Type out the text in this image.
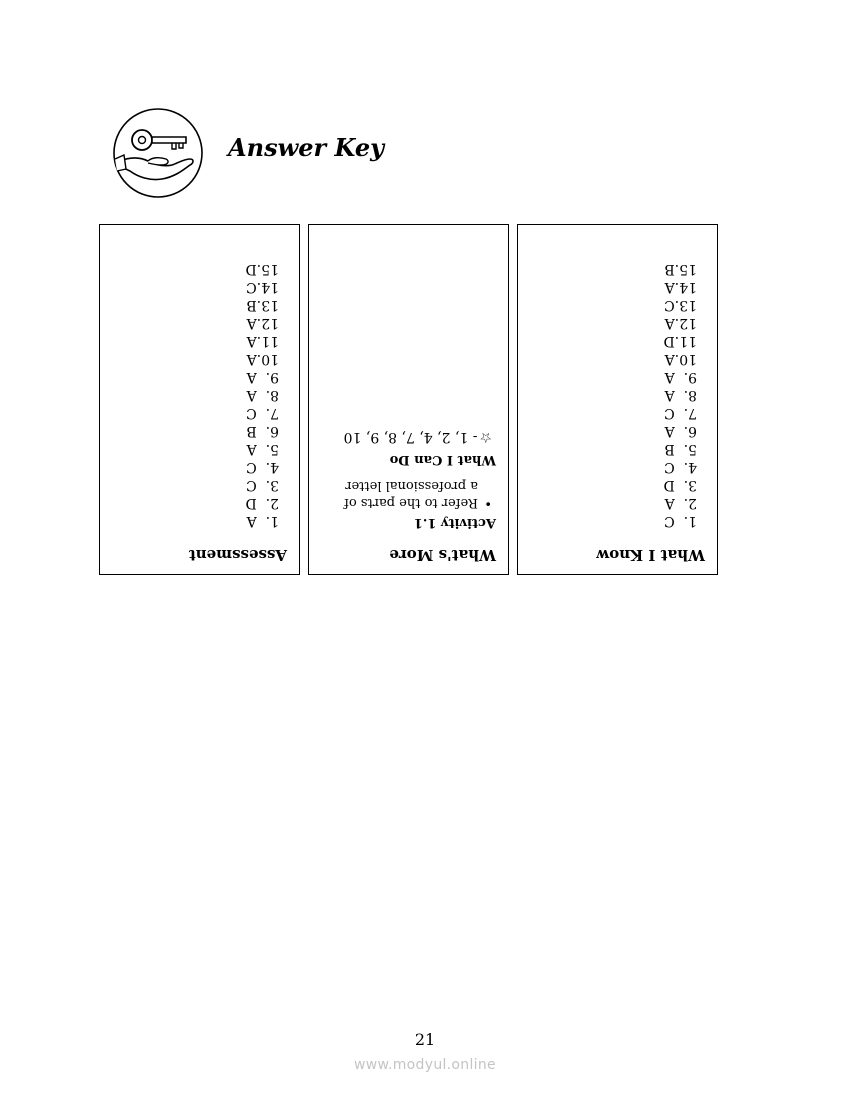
Answer Key
Assessment
1.  A
2.  D
3.  C
4.  C
5.  A
6.  B
7.  C
8.  A
9.  A
10.A
11.A
12.A
13.B
14.C
15.D
What's More
Activity 1.1
•
Refer to the parts of
a professional letter
What I Can Do
☆
- 1, 2, 4, 7, 8, 9, 10
What I Know
1.  C
2.  A
3.  D
4.  C
5.  B
6.  A
7.  C
8.  A
9.  A
10.A
11.D
12.A
13.C
14.A
15.B
21
www.modyul.online
